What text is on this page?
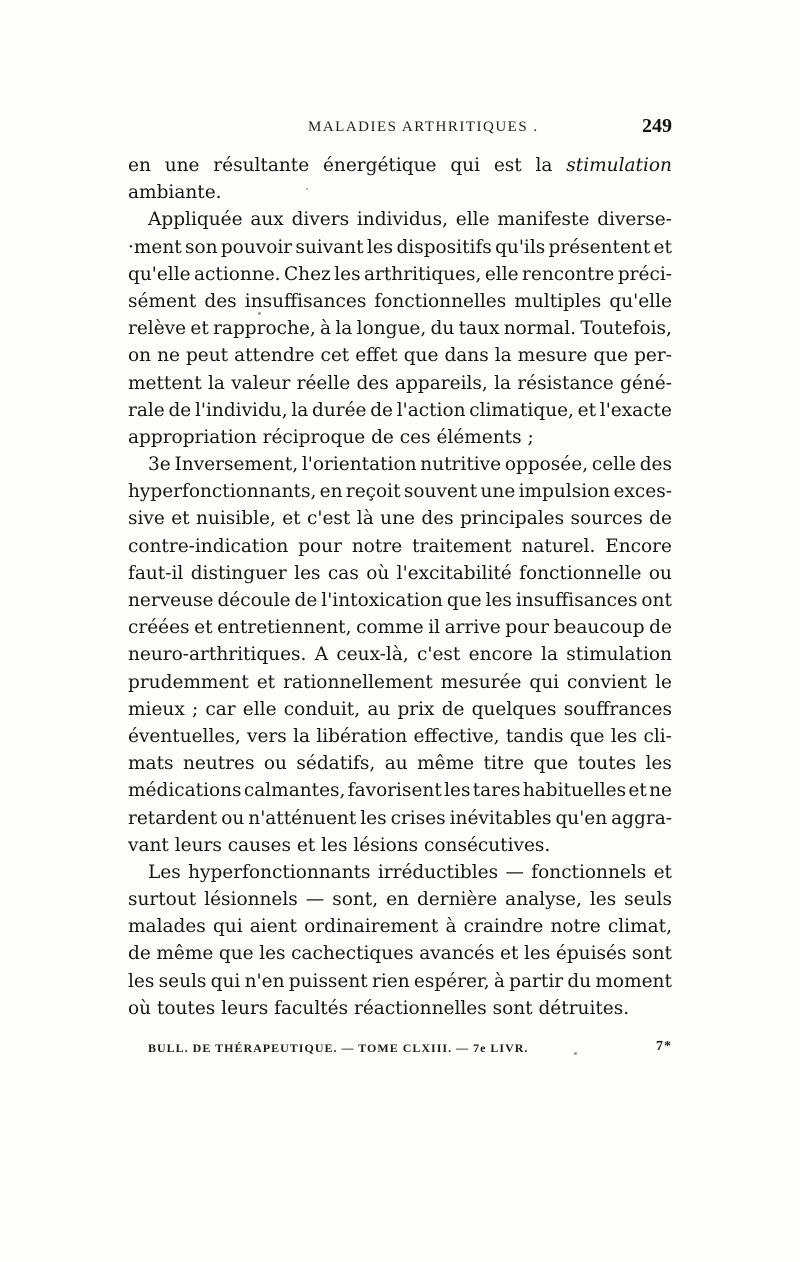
MALADIES ARTHRITIQUES .	249
en une résultante énergétique qui est la stimulation
ambiante.
Appliquée aux divers individus, elle manifeste diverse-
·ment son pouvoir suivant les dispositifs qu'ils présentent et
qu'elle actionne. Chez les arthritiques, elle rencontre préci-
sément des insuffisances fonctionnelles multiples qu'elle
relève et rapproche, à la longue, du taux normal. Toutefois,
on ne peut attendre cet effet que dans la mesure que per-
mettent la valeur réelle des appareils, la résistance géné-
rale de l'individu, la durée de l'action climatique, et l'exacte
appropriation réciproque de ces éléments ;
3e Inversement, l'orientation nutritive opposée, celle des
hyperfonctionnants, en reçoit souvent une impulsion exces-
sive et nuisible, et c'est là une des principales sources de
contre-indication pour notre traitement naturel. Encore
faut-il distinguer les cas où l'excitabilité fonctionnelle ou
nerveuse découle de l'intoxication que les insuffisances ont
créées et entretiennent, comme il arrive pour beaucoup de
neuro-arthritiques. A ceux-là, c'est encore la stimulation
prudemment et rationnellement mesurée qui convient le
mieux ; car elle conduit, au prix de quelques souffrances
éventuelles, vers la libération effective, tandis que les cli-
mats neutres ou sédatifs, au même titre que toutes les
médications calmantes, favorisent les tares habituelles et ne
retardent ou n'atténuent les crises inévitables qu'en aggra-
vant leurs causes et les lésions consécutives.
Les hyperfonctionnants irréductibles — fonctionnels et
surtout lésionnels — sont, en dernière analyse, les seuls
malades qui aient ordinairement à craindre notre climat,
de même que les cachectiques avancés et les épuisés sont
les seuls qui n'en puissent rien espérer, à partir du moment
où toutes leurs facultés réactionnelles sont détruites.
BULL. DE THÉRAPEUTIQUE. — TOME CLXIII. — 7e LIVR.	7*
